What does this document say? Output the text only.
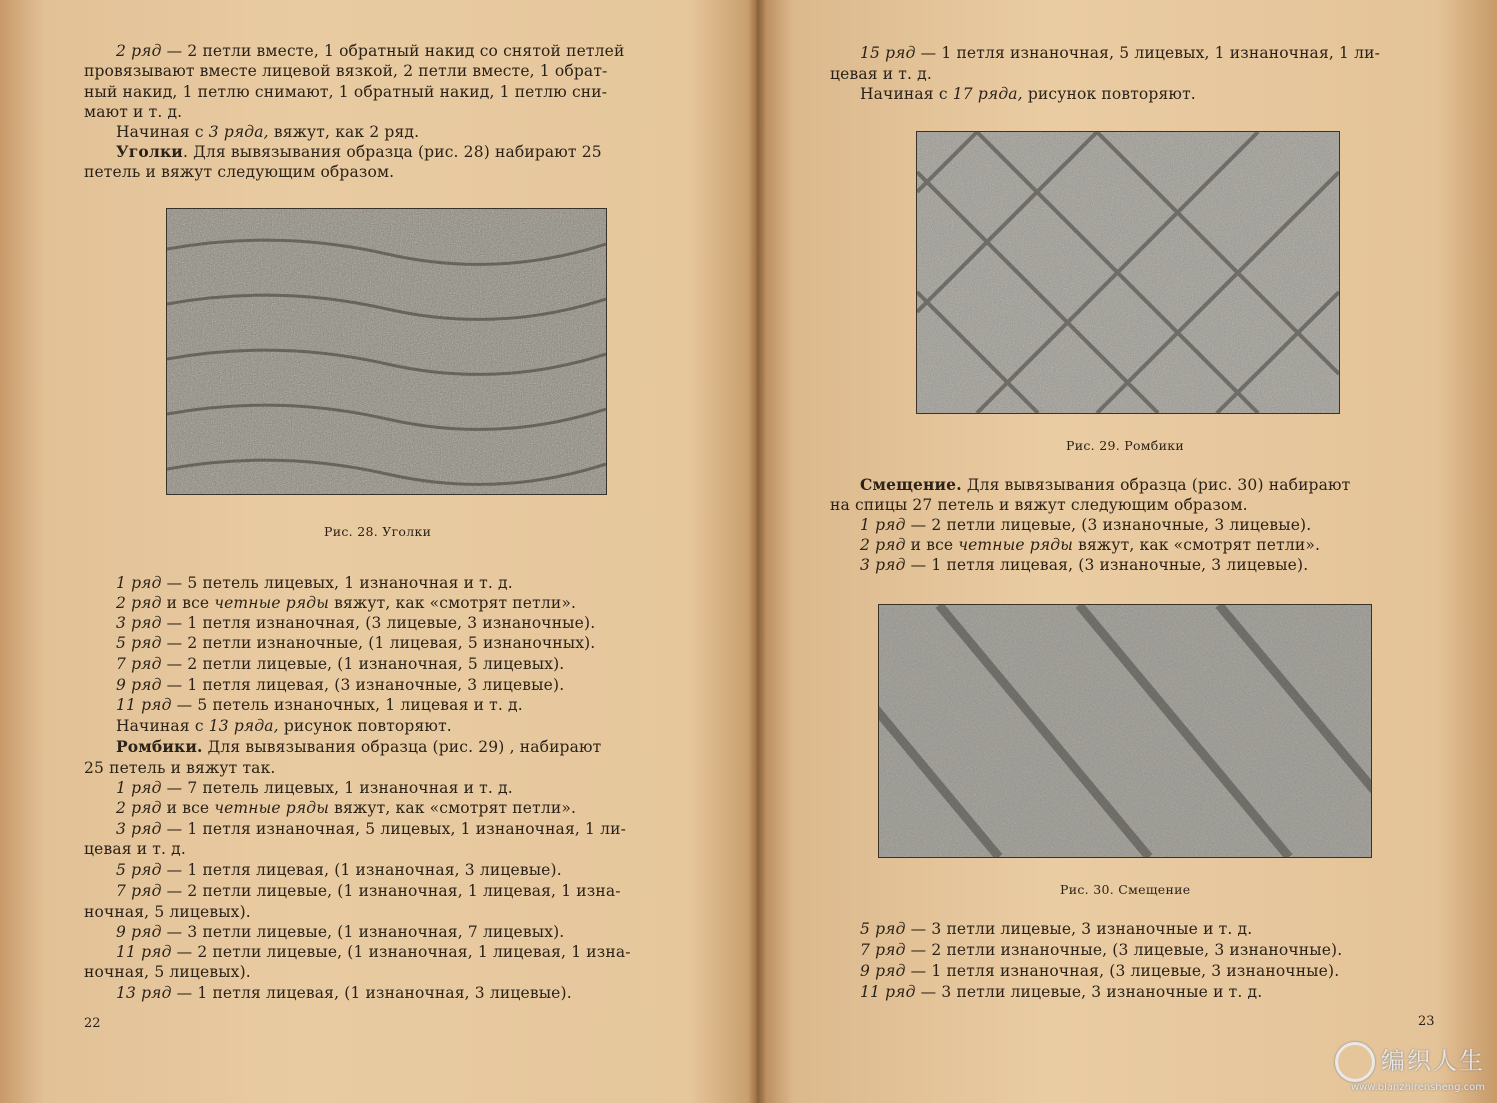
2 ряд — 2 петли вместе, 1 обратный накид со снятой петлей
провязывают вместе лицевой вязкой, 2 петли вместе, 1 обрат-
ный накид, 1 петлю снимают, 1 обратный накид, 1 петлю сни-
мают и т. д.
Начиная с 3 ряда, вяжут, как 2 ряд.
Уголки. Для вывязывания образца (рис. 28) набирают 25
петель и вяжут следующим образом.
Рис. 28. Уголки
1 ряд — 5 петель лицевых, 1 изнаночная и т. д.
2 ряд и все четные ряды вяжут, как «смотрят петли».
3 ряд — 1 петля изнаночная, (3 лицевые, 3 изнаночные).
5 ряд — 2 петли изнаночные, (1 лицевая, 5 изнаночных).
7 ряд — 2 петли лицевые, (1 изнаночная, 5 лицевых).
9 ряд — 1 петля лицевая, (3 изнаночные, 3 лицевые).
11 ряд — 5 петель изнаночных, 1 лицевая и т. д.
Начиная с 13 ряда, рисунок повторяют.
Ромбики. Для вывязывания образца (рис. 29) , набирают
25 петель и вяжут так.
1 ряд — 7 петель лицевых, 1 изнаночная и т. д.
2 ряд и все четные ряды вяжут, как «смотрят петли».
3 ряд — 1 петля изнаночная, 5 лицевых, 1 изнаночная, 1 ли-
цевая и т. д.
5 ряд — 1 петля лицевая, (1 изнаночная, 3 лицевые).
7 ряд — 2 петли лицевые, (1 изнаночная, 1 лицевая, 1 изна-
ночная, 5 лицевых).
9 ряд — 3 петли лицевые, (1 изнаночная, 7 лицевых).
11 ряд — 2 петли лицевые, (1 изнаночная, 1 лицевая, 1 изна-
ночная, 5 лицевых).
13 ряд — 1 петля лицевая, (1 изнаночная, 3 лицевые).
22
15 ряд — 1 петля изнаночная, 5 лицевых, 1 изнаночная, 1 ли-
цевая и т. д.
Начиная с 17 ряда, рисунок повторяют.
Рис. 29. Ромбики
Смещение. Для вывязывания образца (рис. 30) набирают
на спицы 27 петель и вяжут следующим образом.
1 ряд — 2 петли лицевые, (3 изнаночные, 3 лицевые).
2 ряд и все четные ряды вяжут, как «смотрят петли».
3 ряд — 1 петля лицевая, (3 изнаночные, 3 лицевые).
Рис. 30. Смещение
5 ряд — 3 петли лицевые, 3 изнаночные и т. д.
7 ряд — 2 петли изнаночные, (3 лицевые, 3 изнаночные).
9 ряд — 1 петля изнаночная, (3 лицевые, 3 изнаночные).
11 ряд — 3 петли лицевые, 3 изнаночные и т. д.
23
编织人生
www.bianzhirensheng.com
